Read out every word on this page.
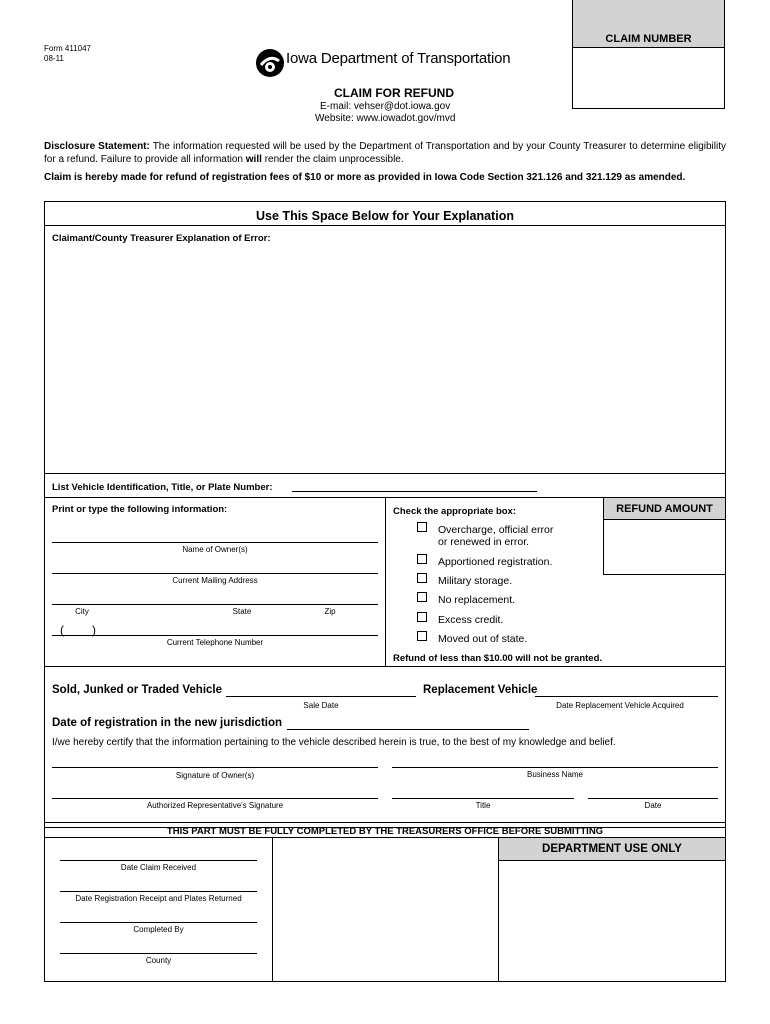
Form 411047
08-11	Iowa Department of Transportation
CLAIM NUMBER
CLAIM FOR REFUND
E-mail: vehser@dot.iowa.gov
Website: www.iowadot.gov/mvd
Disclosure Statement: The information requested will be used by the Department of Transportation and by your County Treasurer to determine eligibility for a refund. Failure to provide all information will render the claim unprocessible.
Claim is hereby made for refund of registration fees of $10 or more as provided in Iowa Code Section 321.126 and 321.129 as amended.
Use This Space Below for Your Explanation
Claimant/County Treasurer Explanation of Error:
List Vehicle Identification, Title, or Plate Number:
Print or type the following information:
Name of Owner(s)
Current Mailing Address
City	State	Zip
( )
Current Telephone Number
Check the appropriate box:
Overcharge, official error
or renewed in error.
Apportioned registration.
Military storage.
No replacement.
Excess credit.
Moved out of state.
Refund of less than $10.00 will not be granted.
REFUND AMOUNT
Sold, Junked or Traded Vehicle
Sale Date
Replacement Vehicle
Date Replacement Vehicle Acquired
Date of registration in the new jurisdiction
I/we hereby certify that the information pertaining to the vehicle described herein is true, to the best of my knowledge and belief.
Signature of Owner(s)	Business Name
Authorized Representative's Signature	Title	Date
THIS PART MUST BE FULLY COMPLETED BY THE TREASURERS OFFICE BEFORE SUBMITTING
Date Claim Received
Date Registration Receipt and Plates Returned
Completed By
County
DEPARTMENT USE ONLY
